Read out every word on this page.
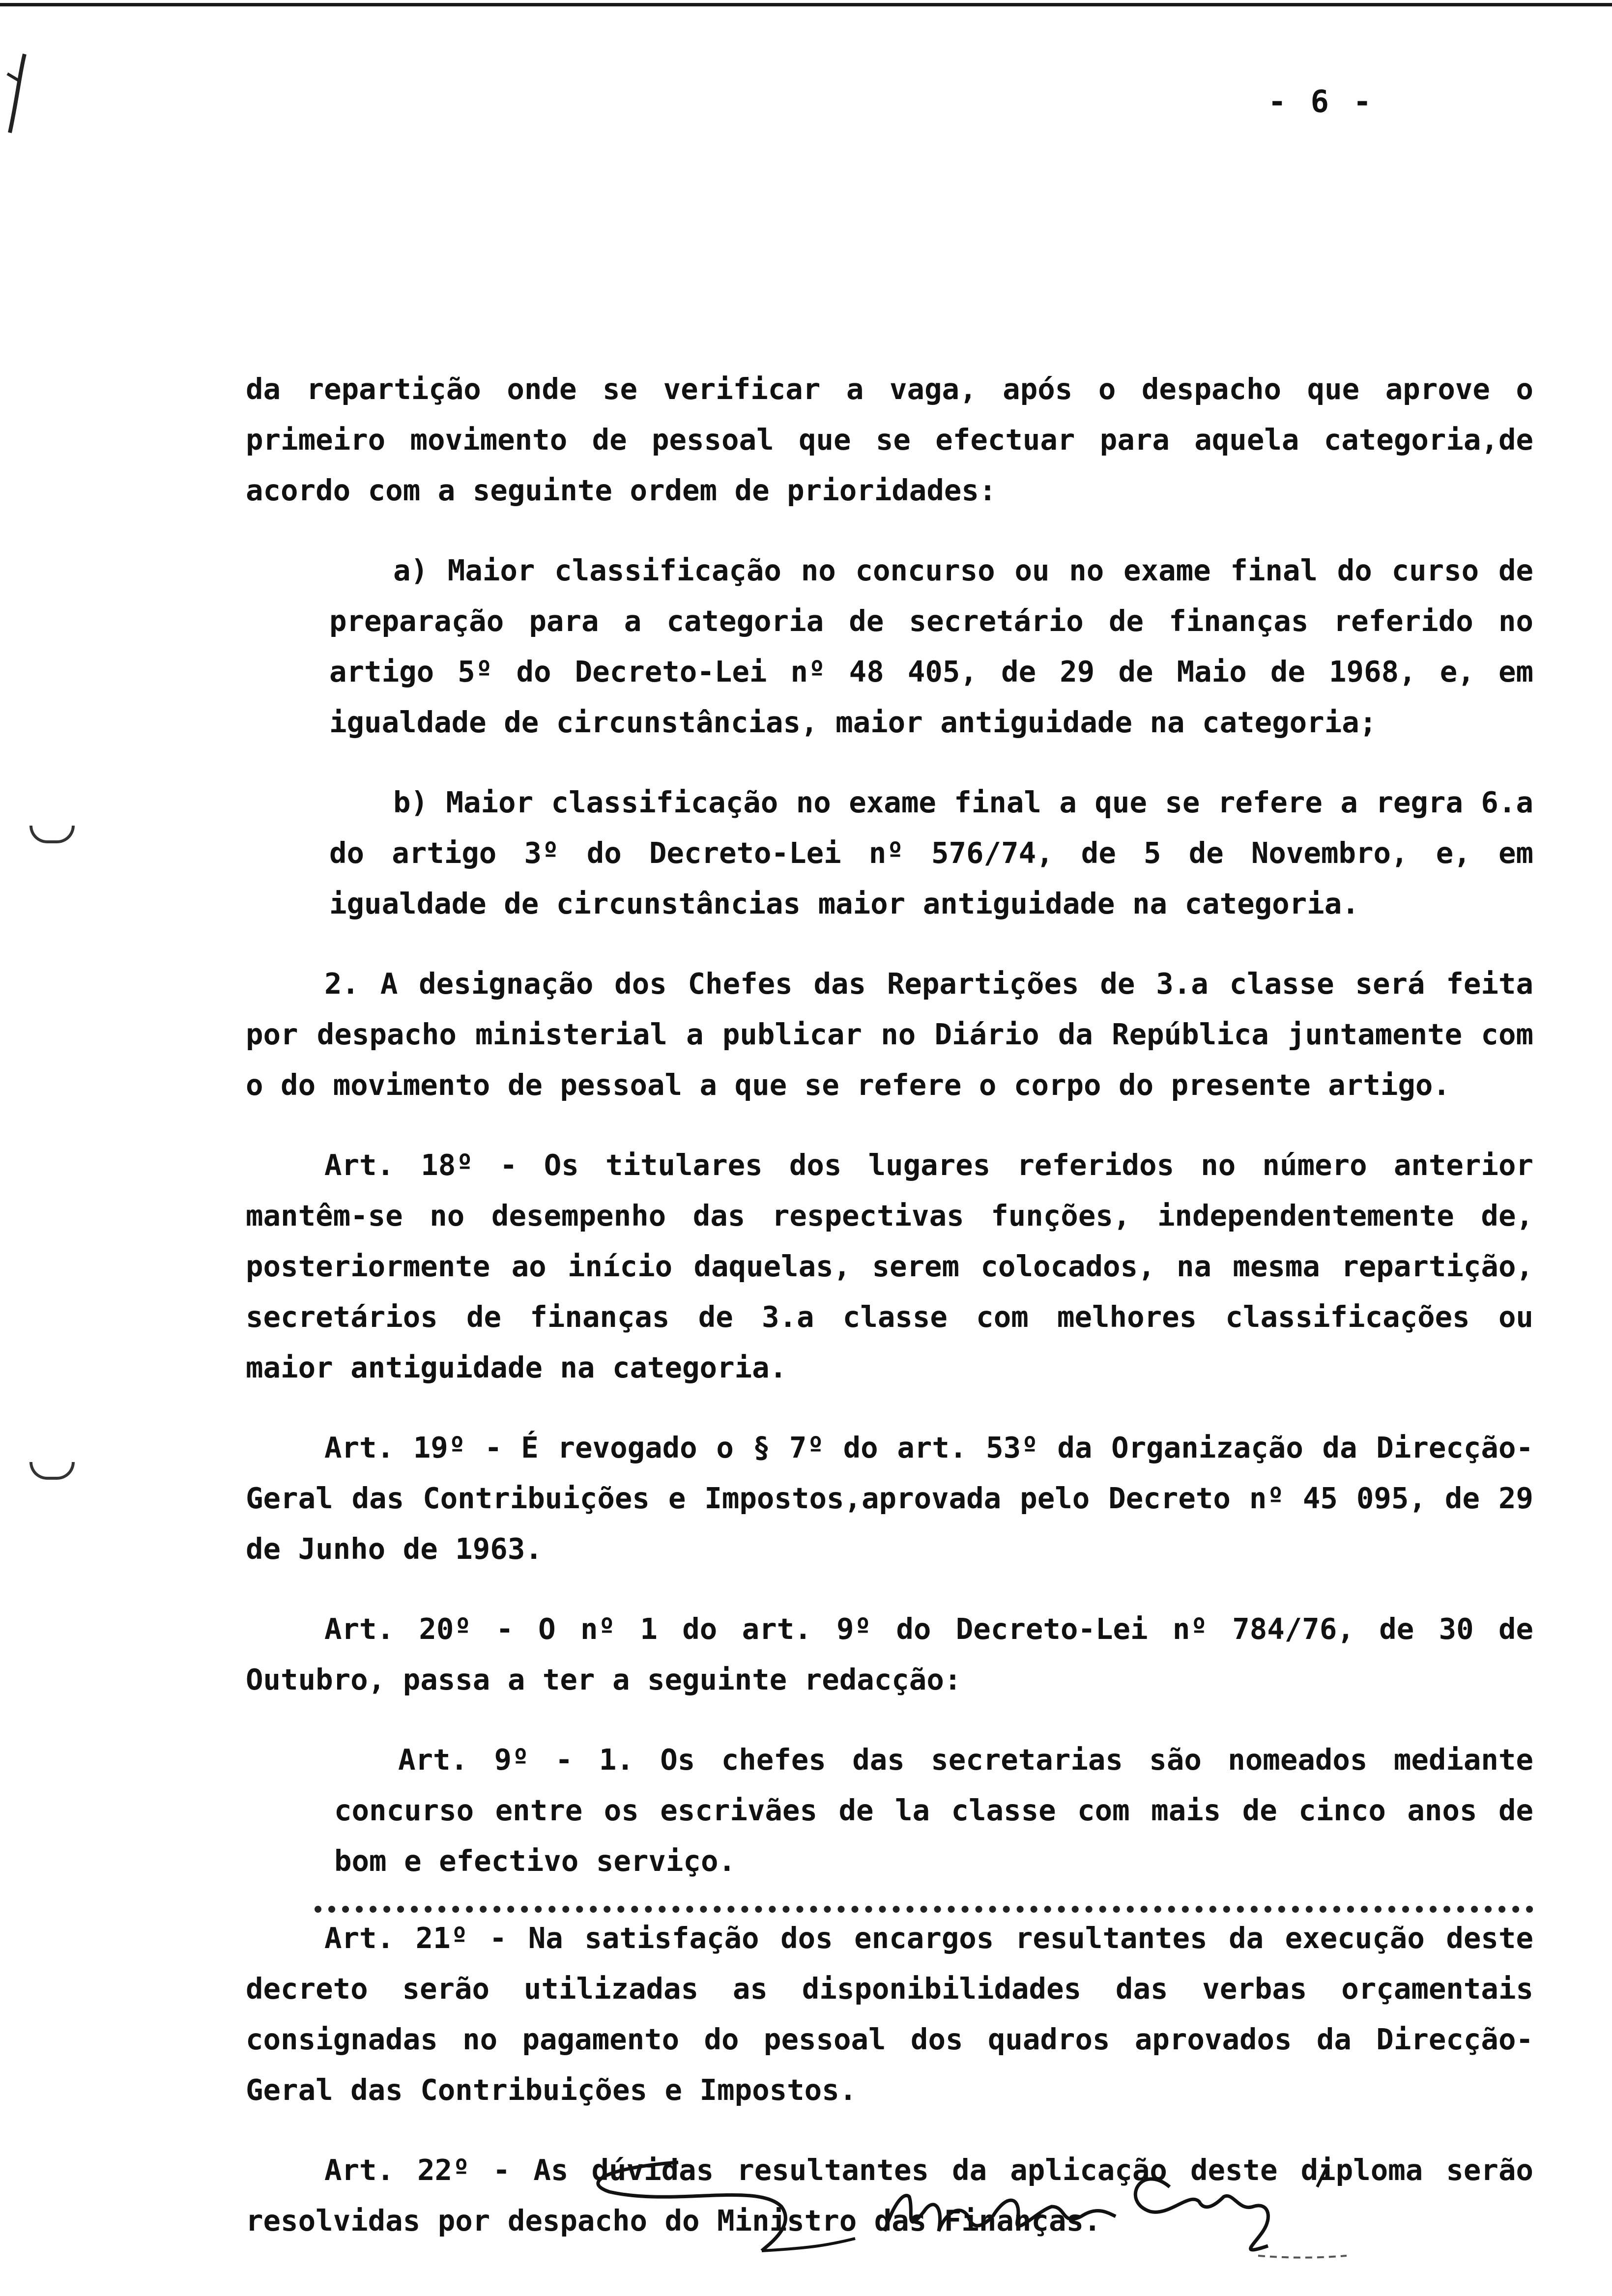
- 6 -

da repartição onde se verificar a vaga, após o despacho que aprove o primeiro movimento de pessoal que se efectuar para aquela categoria,de acordo com a seguinte ordem de prioridades:

a) Maior classificação no concurso ou no exame final do curso de preparação para a categoria de secretário de finanças referido no artigo 5º do Decreto-Lei nº 48 405, de 29 de Maio de 1968, e, em igualdade de circunstâncias, maior antiguidade na categoria;

b) Maior classificação no exame final a que se refere a regra 6.a do artigo 3º do Decreto-Lei nº 576/74, de 5 de Novembro, e, em igualdade de circunstâncias maior antiguidade na categoria.

2. A designação dos Chefes das Repartições de 3.a classe será feita por despacho ministerial a publicar no Diário da República juntamente com o do movimento de pessoal a que se refere o corpo do presente artigo.

Art. 18º - Os titulares dos lugares referidos no número anterior mantêm-se no desempenho das respectivas funções, independentemente de, posteriormente ao início daquelas, serem colocados, na mesma repartição, secretários de finanças de 3.a classe com melhores classificações ou maior antiguidade na categoria.

Art. 19º - É revogado o § 7º do art. 53º da Organização da Direcção-Geral das Contribuições e Impostos,aprovada pelo Decreto nº 45 095, de 29 de Junho de 1963.

Art. 20º - O nº 1 do art. 9º do Decreto-Lei nº 784/76, de 30 de Outubro, passa a ter a seguinte redacção:

Art. 9º - 1. Os chefes das secretarias são nomeados mediante concurso entre os escrivães de la classe com mais de cinco anos de bom e efectivo serviço.

Art. 21º - Na satisfação dos encargos resultantes da execução deste decreto serão utilizadas as disponibilidades das verbas orçamentais consignadas no pagamento do pessoal dos quadros aprovados da Direcção-Geral das Contribuições e Impostos.

Art. 22º - As dúvidas resultantes da aplicação deste diploma serão resolvidas por despacho do Ministro das Finanças.
